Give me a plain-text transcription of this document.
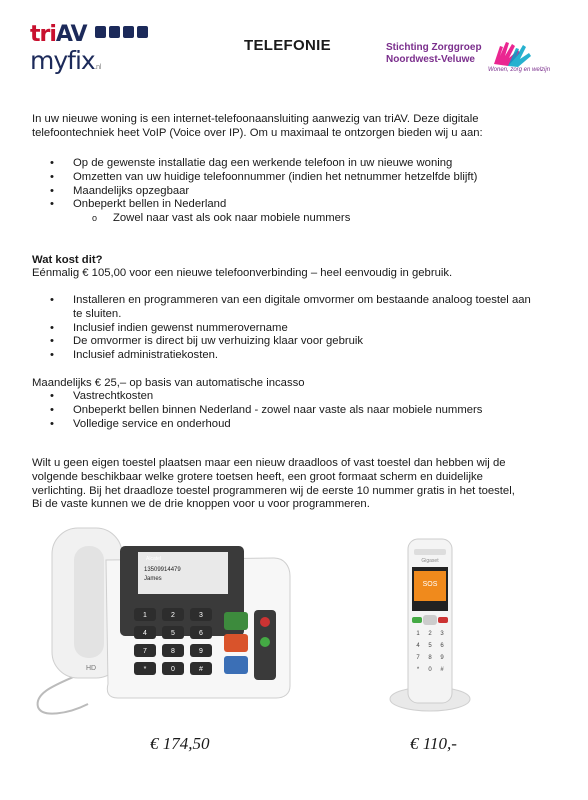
triAV
myfix.nl
TELEFONIE	Stichting Zorggroep
Noordwest-Veluwe
Wonen, zorg en welzijn
In uw nieuwe woning is een internet-telefoonaansluiting aanwezig van triAV. Deze digitale telefoontechniek heet VoIP (Voice over IP). Om u maximaal te ontzorgen bieden wij u aan:
• Op de gewenste installatie dag een werkende telefoon in uw nieuwe woning
• Omzetten van uw huidige telefoonnummer (indien het netnummer hetzelfde blijft)
• Maandelijks opzegbaar
• Onbeperkt bellen in Nederland
o Zowel naar vast als ook naar mobiele nummers
Wat kost dit?
Eénmalig € 105,00 voor een nieuwe telefoonverbinding – heel eenvoudig in gebruik.
• Installeren en programmeren van een digitale omvormer om bestaande analoog toestel aan te sluiten.
• Inclusief indien gewenst nummerovername
• De omvormer is direct bij uw verhuizing klaar voor gebruik
• Inclusief administratiekosten.
Maandelijks € 25,– op basis van automatische incasso
• Vastrechtkosten
• Onbeperkt bellen binnen Nederland - zowel naar vaste als naar mobiele nummers
• Volledige service en onderhoud
Wilt u geen eigen toestel plaatsen maar een nieuw draadloos of vast toestel dan hebben wij de volgende beschikbaar welke grotere toetsen heeft, een groot formaat scherm en duidelijke verlichting. Bij het draadloze toestel programmeren wij de eerste 10 nummer gratis in het toestel, Bi de vaste kunnen we de drie knoppen voor u voor programmeren.
Alcatel
13509914479
James
HD
1	2	3
4	5	6
7	8	9
*	0	#
Gigaset
SOS
1 2 3
4 5 6
7 8 9
* 0 #
€ 174,50	€ 110,-
